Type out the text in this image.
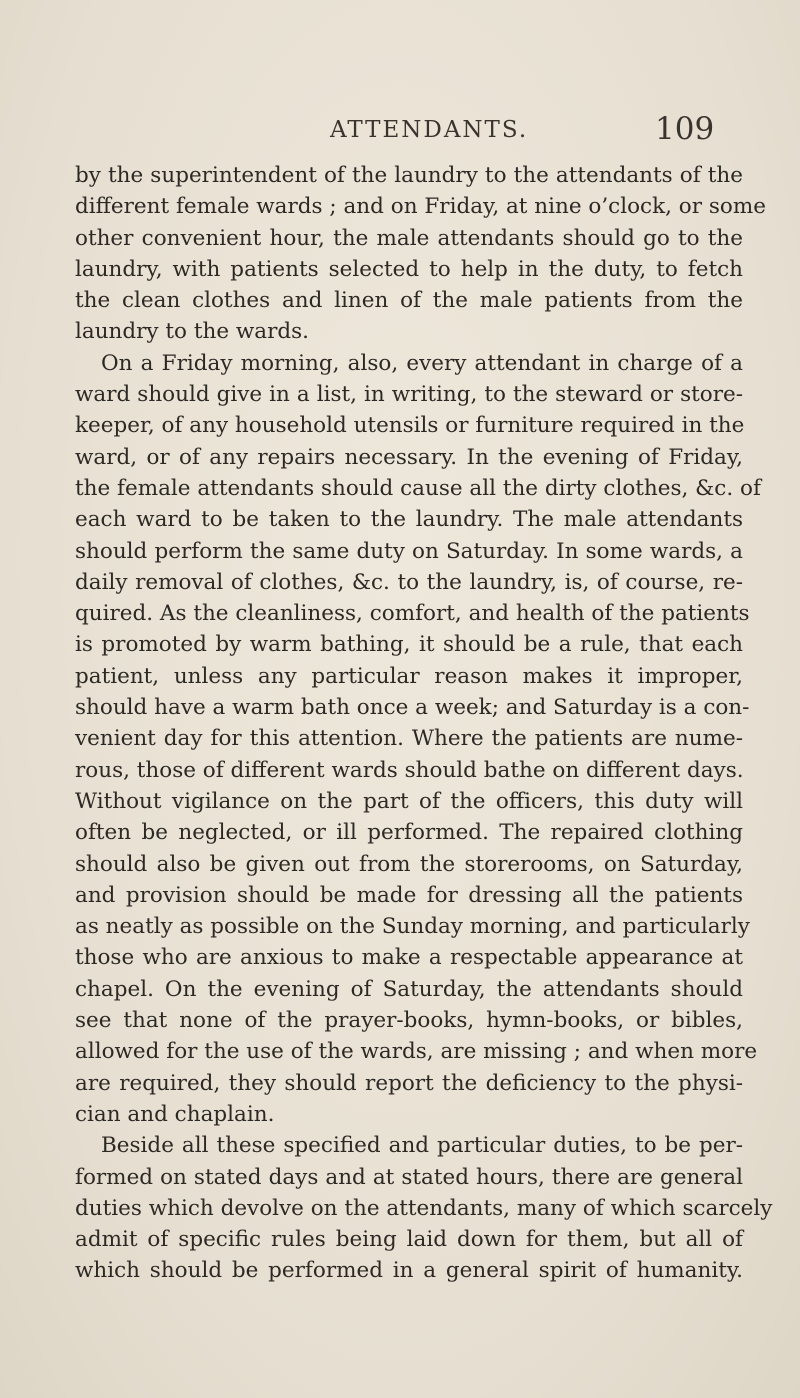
ATTENDANTS.	109
by the superintendent of the laundry to the attendants of the
different female wards ; and on Friday, at nine o’clock, or some
other convenient hour, the male attendants should go to the
laundry, with patients selected to help in the duty, to fetch
the clean clothes and linen of the male patients from the
laundry to the wards.
On a Friday morning, also, every attendant in charge of a
ward should give in a list, in writing, to the steward or store-
keeper, of any household utensils or furniture required in the
ward, or of any repairs necessary. In the evening of Friday,
the female attendants should cause all the dirty clothes, &c. of
each ward to be taken to the laundry. The male attendants
should perform the same duty on Saturday. In some wards, a
daily removal of clothes, &c. to the laundry, is, of course, re-
quired. As the cleanliness, comfort, and health of the patients
is promoted by warm bathing, it should be a rule, that each
patient, unless any particular reason makes it improper,
should have a warm bath once a week; and Saturday is a con-
venient day for this attention. Where the patients are nume-
rous, those of different wards should bathe on different days.
Without vigilance on the part of the officers, this duty will
often be neglected, or ill performed. The repaired clothing
should also be given out from the storerooms, on Saturday,
and provision should be made for dressing all the patients
as neatly as possible on the Sunday morning, and particularly
those who are anxious to make a respectable appearance at
chapel. On the evening of Saturday, the attendants should
see that none of the prayer-books, hymn-books, or bibles,
allowed for the use of the wards, are missing ; and when more
are required, they should report the deficiency to the physi-
cian and chaplain.
Beside all these specified and particular duties, to be per-
formed on stated days and at stated hours, there are general
duties which devolve on the attendants, many of which scarcely
admit of specific rules being laid down for them, but all of
which should be performed in a general spirit of humanity.
